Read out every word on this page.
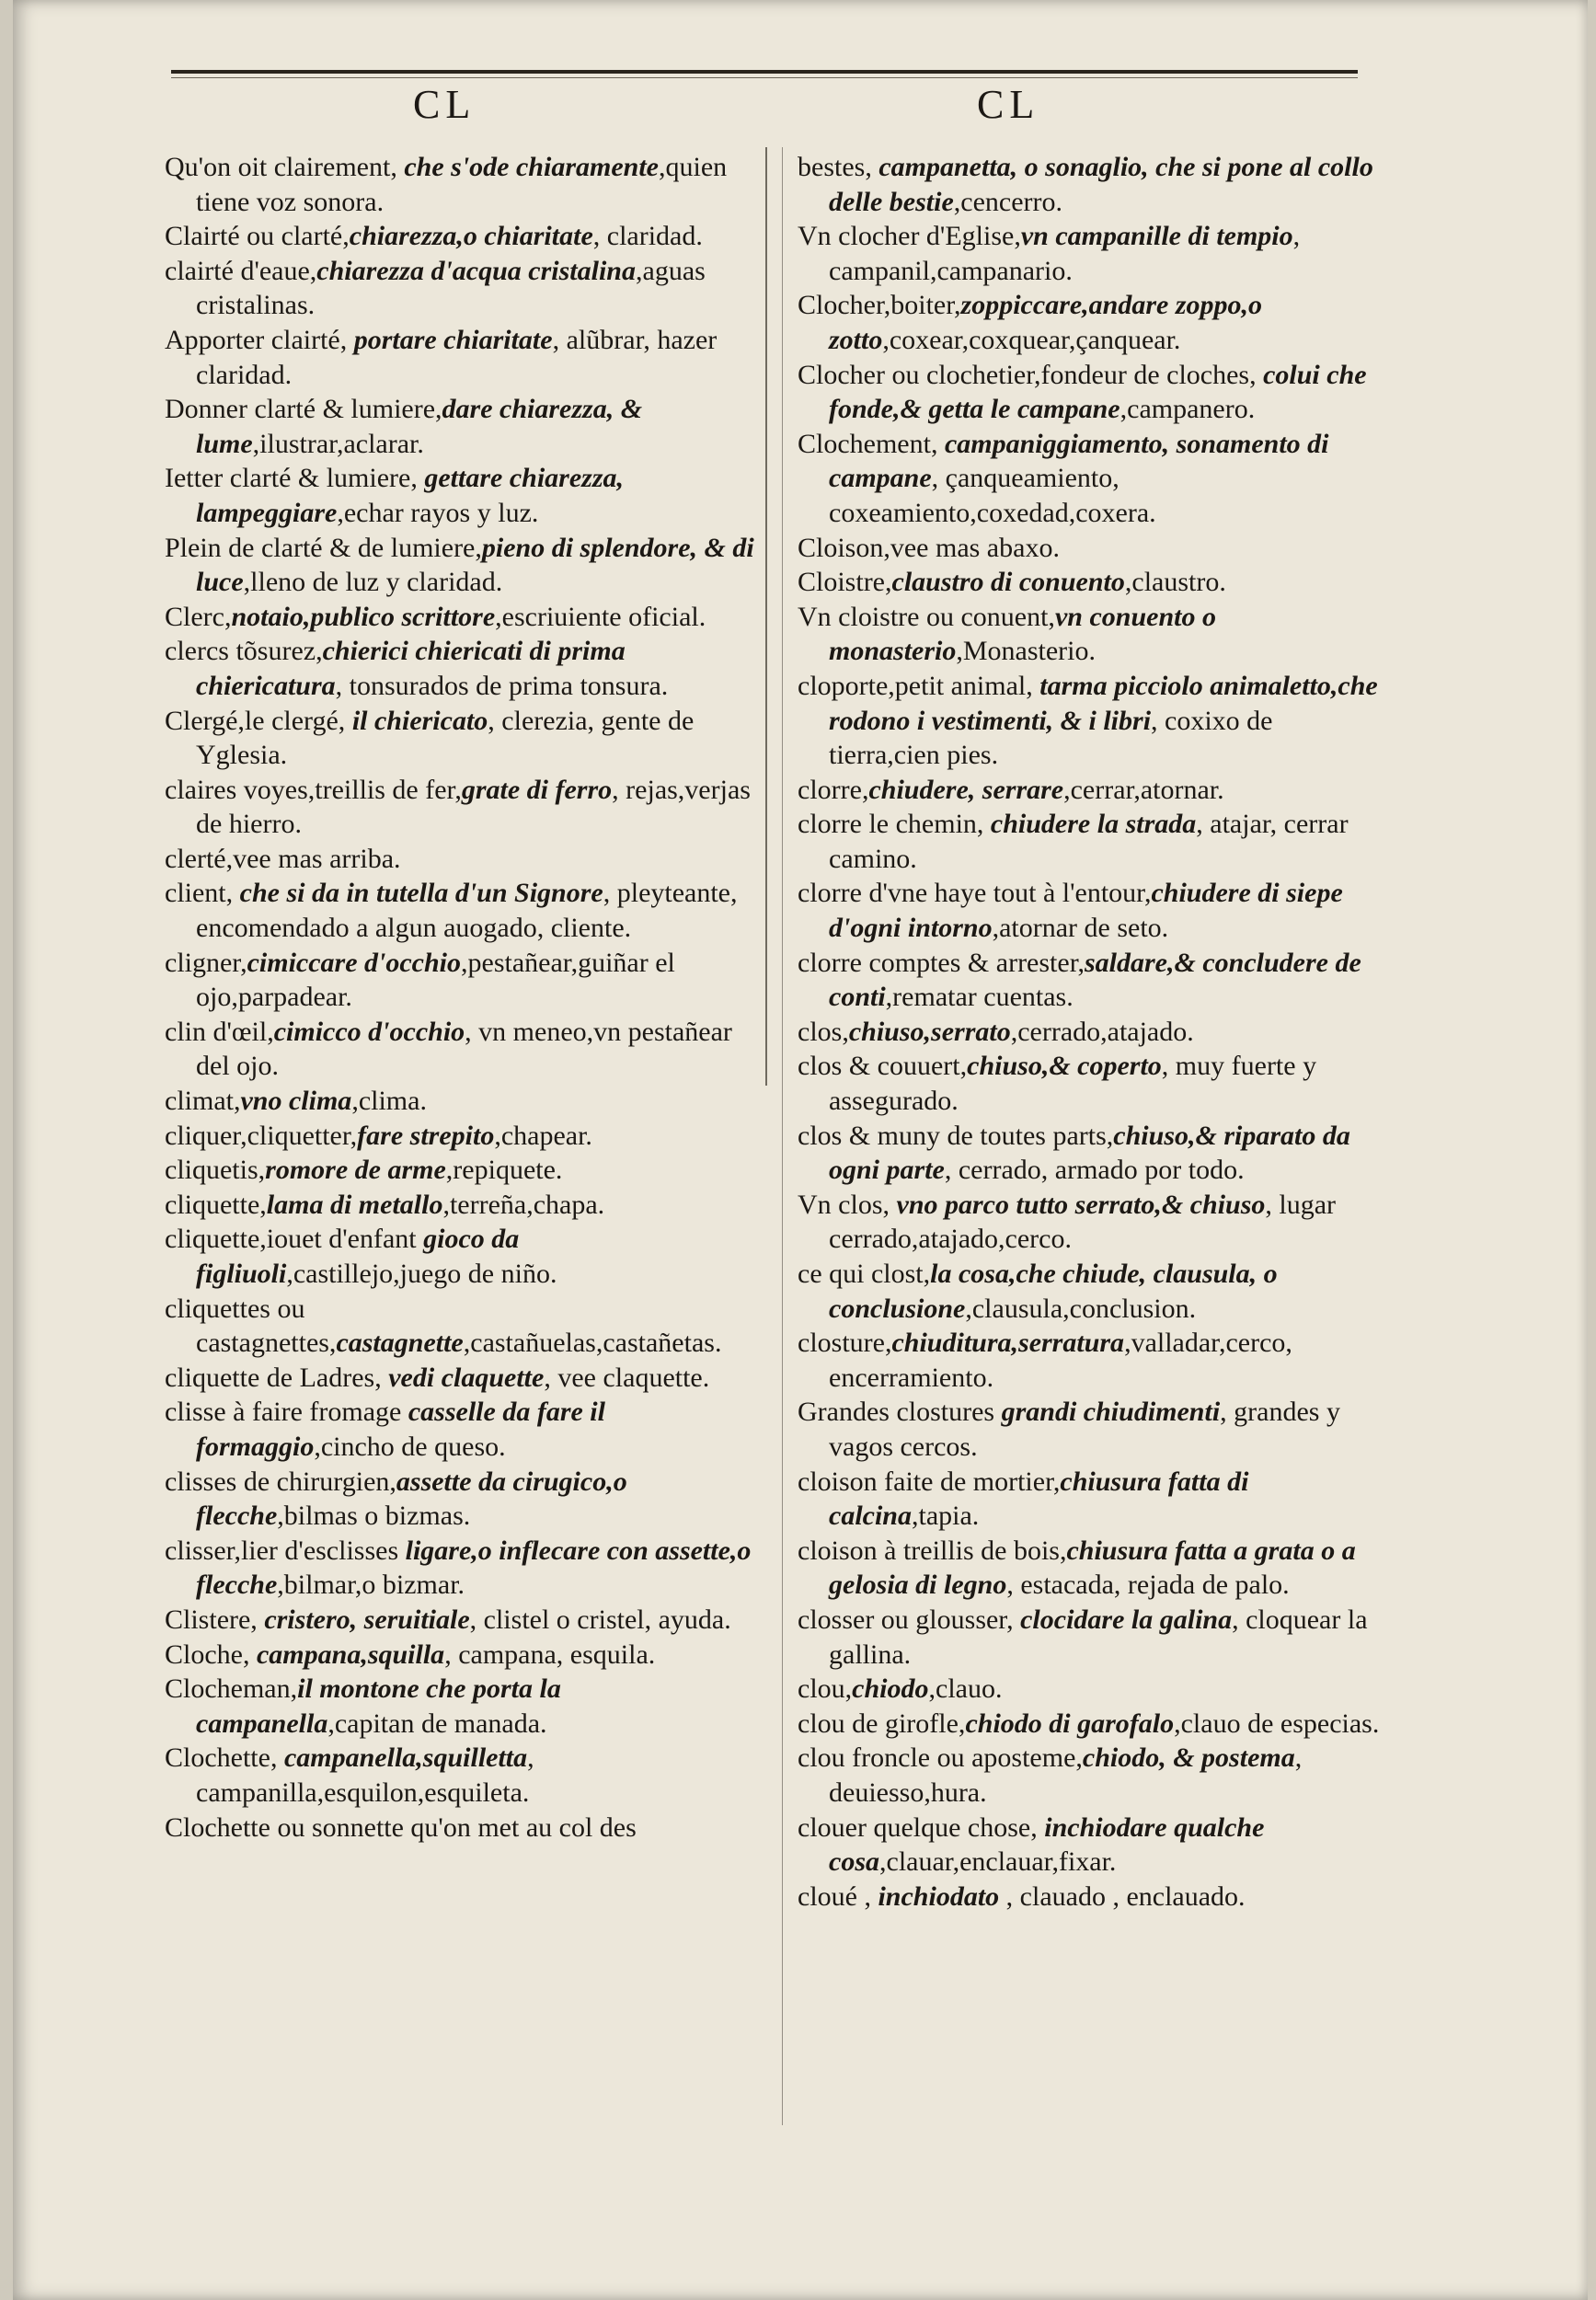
CL	CL

Qu'on oit clairement, che s'ode chiaramente,quien tiene voz sonora.

Clairté ou clarté,chiarezza,o chiaritate, claridad.

clairté d'eaue,chiarezza d'acqua cristalina,aguas cristalinas.

Apporter clairté, portare chiaritate, alũbrar, hazer claridad.

Donner clarté & lumiere,dare chiarezza, & lume,ilustrar,aclarar.

Ietter clarté & lumiere, gettare chiarezza, lampeggiare,echar rayos y luz.

Plein de clarté & de lumiere,pieno di splendore, & di luce,lleno de luz y claridad.

Clerc,notaio,publico scrittore,escriuiente oficial.

clercs tõsurez,chierici chiericati di prima chiericatura, tonsurados de prima tonsura.

Clergé,le clergé, il chiericato, clerezia, gente de Yglesia.

claires voyes,treillis de fer,grate di ferro, rejas,verjas de hierro.

clerté,vee mas arriba.

client, che si da in tutella d'un Signore, pleyteante, encomendado a algun auogado, cliente.

cligner,cimiccare d'occhio,pestañear,guiñar el ojo,parpadear.

clin d'œil,cimicco d'occhio, vn meneo,vn pestañear del ojo.

climat,vno clima,clima.

cliquer,cliquetter,fare strepito,chapear.

cliquetis,romore de arme,repiquete.

cliquette,lama di metallo,terreña,chapa.

cliquette,iouet d'enfant gioco da figliuoli,castillejo,juego de niño.

cliquettes ou castagnettes,castagnette,castañuelas,castañetas.

cliquette de Ladres, vedi claquette, vee claquette.

clisse à faire fromage casselle da fare il formaggio,cincho de queso.

clisses de chirurgien,assette da cirugico,o flecche,bilmas o bizmas.

clisser,lier d'esclisses ligare,o inflecare con assette,o flecche,bilmar,o bizmar.

Clistere, cristero, seruitiale, clistel o cristel, ayuda.

Cloche, campana,squilla, campana, esquila.

Clocheman,il montone che porta la campanella,capitan de manada.

Clochette, campanella,squilletta, campanilla,esquilon,esquileta.

Clochette ou sonnette qu'on met au col des

bestes, campanetta, o sonaglio, che si pone al collo delle bestie,cencerro.

Vn clocher d'Eglise,vn campanille di tempio, campanil,campanario.

Clocher,boiter,zoppiccare,andare zoppo,o zotto,coxear,coxquear,çanquear.

Clocher ou clochetier,fondeur de cloches, colui che fonde,& getta le campane,campanero.

Clochement, campaniggiamento, sonamento di campane, çanqueamiento, coxeamiento,coxedad,coxera.

Cloison,vee mas abaxo.

Cloistre,claustro di conuento,claustro.

Vn cloistre ou conuent,vn conuento o monasterio,Monasterio.

cloporte,petit animal, tarma picciolo animaletto,che rodono i vestimenti, & i libri, coxixo de tierra,cien pies.

clorre,chiudere, serrare,cerrar,atornar.

clorre le chemin, chiudere la strada, atajar, cerrar camino.

clorre d'vne haye tout à l'entour,chiudere di siepe d'ogni intorno,atornar de seto.

clorre comptes & arrester,saldare,& concludere de conti,rematar cuentas.

clos,chiuso,serrato,cerrado,atajado.

clos & couuert,chiuso,& coperto, muy fuerte y assegurado.

clos & muny de toutes parts,chiuso,& riparato da ogni parte, cerrado, armado por todo.

Vn clos, vno parco tutto serrato,& chiuso, lugar cerrado,atajado,cerco.

ce qui clost,la cosa,che chiude, clausula, o conclusione,clausula,conclusion.

closture,chiuditura,serratura,valladar,cerco, encerramiento.

Grandes clostures grandi chiudimenti, grandes y vagos cercos.

cloison faite de mortier,chiusura fatta di calcina,tapia.

cloison à treillis de bois,chiusura fatta a grata o a gelosia di legno, estacada, rejada de palo.

closser ou glousser, clocidare la galina, cloquear la gallina.

clou,chiodo,clauo.

clou de girofle,chiodo di garofalo,clauo de especias.

clou froncle ou aposteme,chiodo, & postema, deuiesso,hura.

clouer quelque chose, inchiodare qualche cosa,clauar,enclauar,fixar.

cloué , inchiodato , clauado , enclauado.
